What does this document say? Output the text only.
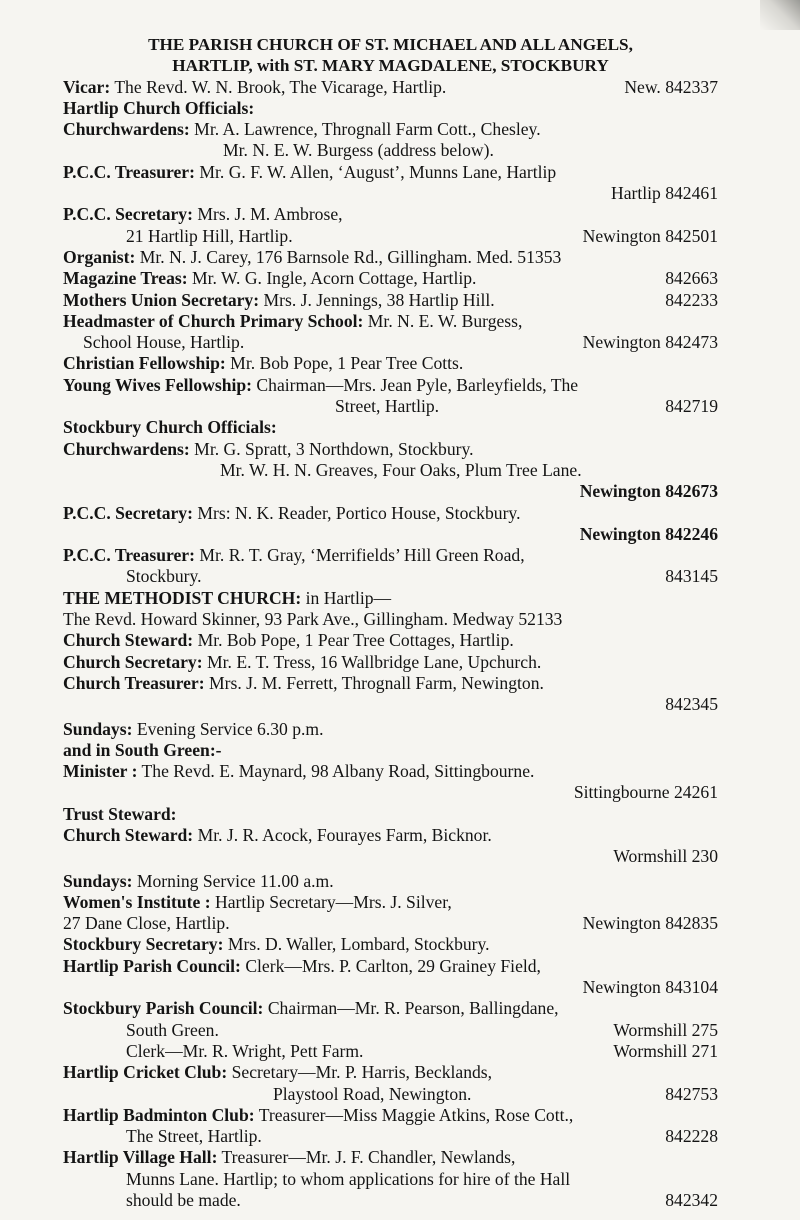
THE PARISH CHURCH OF ST. MICHAEL AND ALL ANGELS,
HARTLIP, with ST. MARY MAGDALENE, STOCKBURY
Vicar: The Revd. W. N. Brook, The Vicarage, Hartlip.	New. 842337
Hartlip Church Officials:
Churchwardens: Mr. A. Lawrence, Thrognall Farm Cott., Chesley.
Mr. N. E. W. Burgess (address below).
P.C.C. Treasurer: Mr. G. F. W. Allen, ‘August’, Munns Lane, Hartlip
Hartlip 842461
P.C.C. Secretary: Mrs. J. M. Ambrose,
21 Hartlip Hill, Hartlip.	Newington 842501
Organist: Mr. N. J. Carey, 176 Barnsole Rd., Gillingham. Med. 51353
Magazine Treas: Mr. W. G. Ingle, Acorn Cottage, Hartlip.	842663
Mothers Union Secretary: Mrs. J. Jennings, 38 Hartlip Hill.	842233
Headmaster of Church Primary School: Mr. N. E. W. Burgess,
School House, Hartlip.	Newington 842473
Christian Fellowship: Mr. Bob Pope, 1 Pear Tree Cotts.
Young Wives Fellowship: Chairman—Mrs. Jean Pyle, Barleyfields, The
Street, Hartlip.	842719
Stockbury Church Officials:
Churchwardens: Mr. G. Spratt, 3 Northdown, Stockbury.
Mr. W. H. N. Greaves, Four Oaks, Plum Tree Lane.
Newington 842673
P.C.C. Secretary: Mrs: N. K. Reader, Portico House, Stockbury.
Newington 842246
P.C.C. Treasurer: Mr. R. T. Gray, ‘Merrifields’ Hill Green Road,
Stockbury.	843145
THE METHODIST CHURCH: in Hartlip—
The Revd. Howard Skinner, 93 Park Ave., Gillingham. Medway 52133
Church Steward: Mr. Bob Pope, 1 Pear Tree Cottages, Hartlip.
Church Secretary: Mr. E. T. Tress, 16 Wallbridge Lane, Upchurch.
Church Treasurer: Mrs. J. M. Ferrett, Thrognall Farm, Newington.
842345
Sundays: Evening Service 6.30 p.m.
and in South Green:-
Minister : The Revd. E. Maynard, 98 Albany Road, Sittingbourne.
Sittingbourne 24261
Trust Steward:
Church Steward: Mr. J. R. Acock, Fourayes Farm, Bicknor.
Wormshill 230
Sundays: Morning Service 11.00 a.m.
Women's Institute : Hartlip Secretary—Mrs. J. Silver,
27 Dane Close, Hartlip.	Newington 842835
Stockbury Secretary: Mrs. D. Waller, Lombard, Stockbury.
Hartlip Parish Council: Clerk—Mrs. P. Carlton, 29 Grainey Field,
Newington 843104
Stockbury Parish Council: Chairman—Mr. R. Pearson, Ballingdane,
South Green.	Wormshill 275
Clerk—Mr. R. Wright, Pett Farm.	Wormshill 271
Hartlip Cricket Club: Secretary—Mr. P. Harris, Becklands,
Playstool Road, Newington.	842753
Hartlip Badminton Club: Treasurer—Miss Maggie Atkins, Rose Cott.,
The Street, Hartlip.	842228
Hartlip Village Hall: Treasurer—Mr. J. F. Chandler, Newlands,
Munns Lane. Hartlip; to whom applications for hire of the Hall
should be made.	842342
